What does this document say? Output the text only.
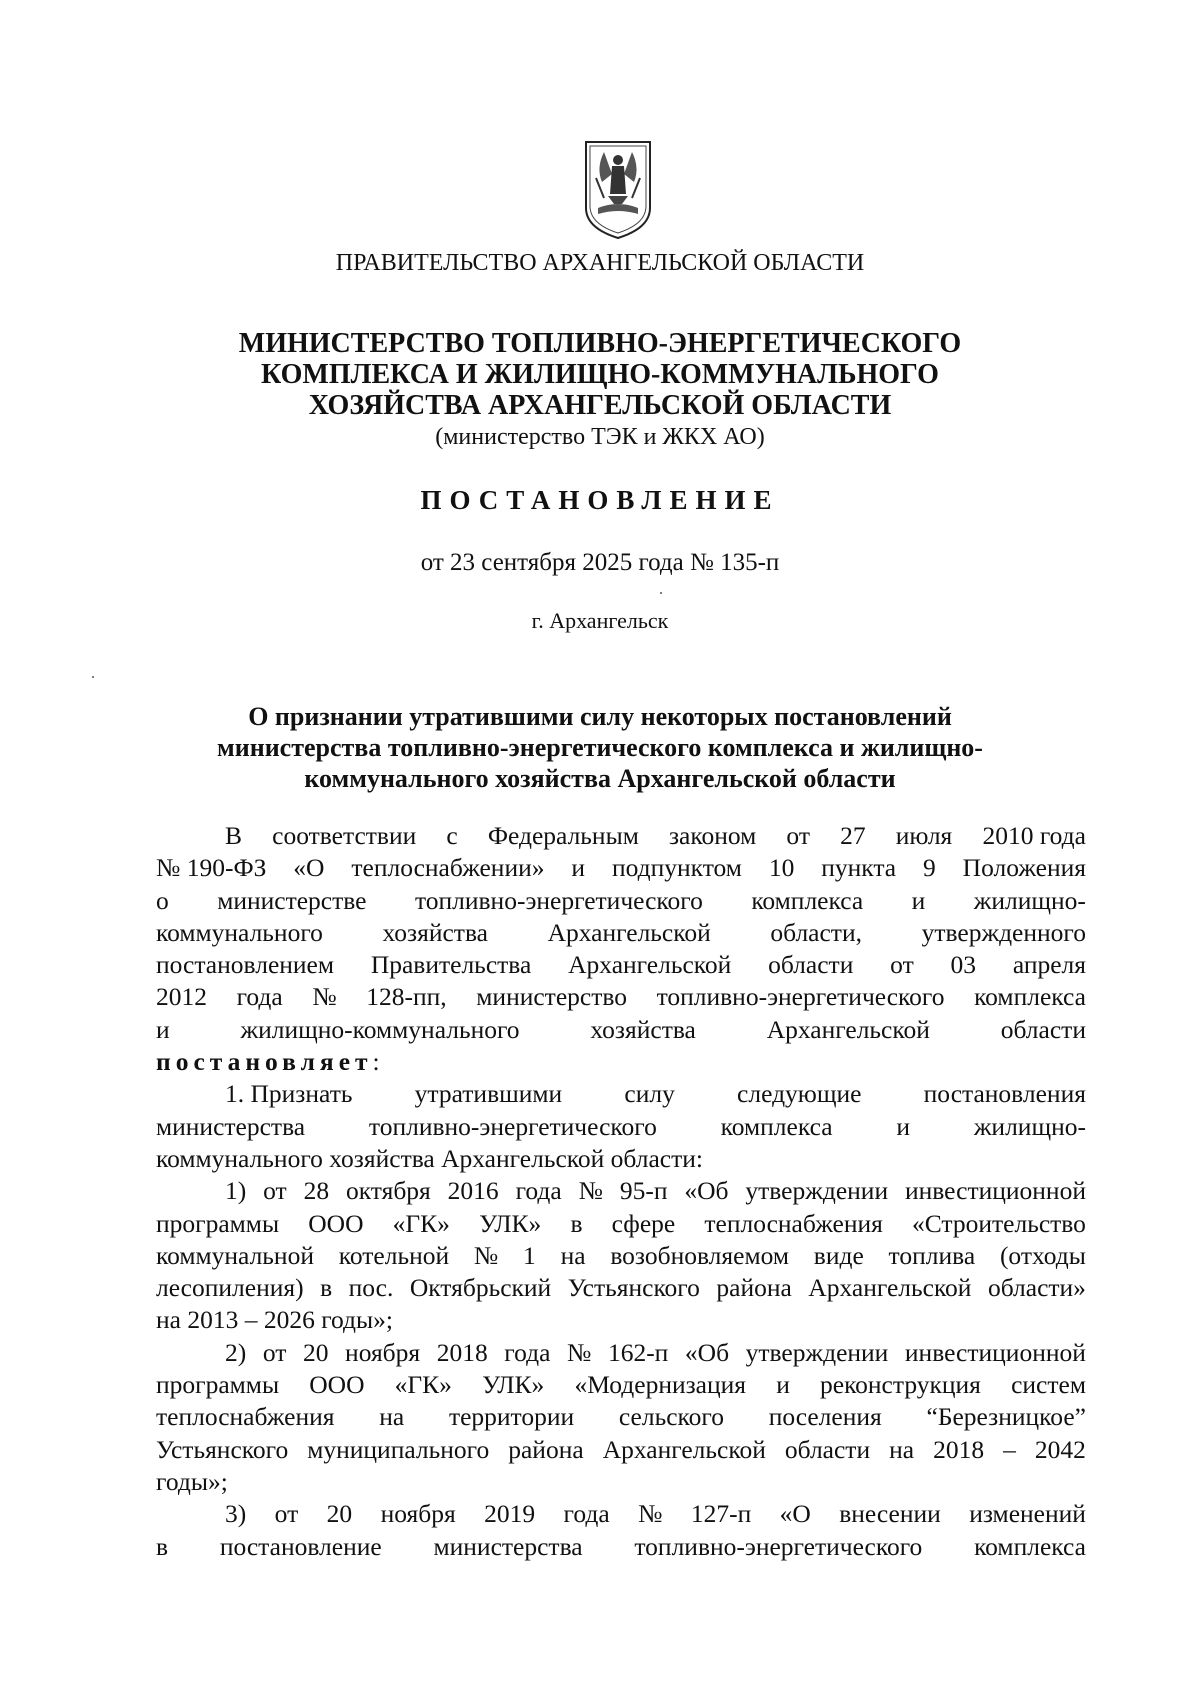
ПРАВИТЕЛЬСТВО АРХАНГЕЛЬСКОЙ ОБЛАСТИ
МИНИСТЕРСТВО ТОПЛИВНО-ЭНЕРГЕТИЧЕСКОГО
КОМПЛЕКСА И ЖИЛИЩНО-КОММУНАЛЬНОГО
ХОЗЯЙСТВА АРХАНГЕЛЬСКОЙ ОБЛАСТИ
(министерство ТЭК и ЖКХ АО)
ПОСТАНОВЛЕНИЕ
от 23 сентября 2025 года № 135-п
г. Архангельск
О признании утратившими силу некоторых постановлений
министерства топливно-энергетического комплекса и жилищно-
коммунального хозяйства Архангельской области
В соответствии с Федеральным законом от 27 июля 2010 года
№ 190-ФЗ «О теплоснабжении» и подпунктом 10 пункта 9 Положения
о министерстве топливно-энергетического комплекса и жилищно-
коммунального хозяйства Архангельской области, утвержденного
постановлением Правительства Архангельской области от 03 апреля
2012 года № 128-пп, министерство топливно-энергетического комплекса
и	жилищно-коммунального	хозяйства	Архангельской	области
постановляет:
1. Признать утратившими силу следующие постановления
министерства	топливно-энергетического	комплекса	и	жилищно-
коммунального хозяйства Архангельской области:
1) от 28 октября 2016 года № 95-п «Об утверждении инвестиционной
программы ООО «ГК» УЛК» в сфере теплоснабжения «Строительство
коммунальной котельной № 1 на возобновляемом виде топлива (отходы
лесопиления) в пос. Октябрьский Устьянского района Архангельской области»
на 2013 – 2026 годы»;
2) от 20 ноября 2018 года № 162-п «Об утверждении инвестиционной
программы ООО «ГК» УЛК» «Модернизация и реконструкция систем
теплоснабжения на территории сельского поселения “Березницкое”
Устьянского муниципального района Архангельской области на 2018 – 2042
годы»;
3) от 20 ноября 2019 года № 127-п «О внесении изменений
в постановление министерства топливно-энергетического комплекса
